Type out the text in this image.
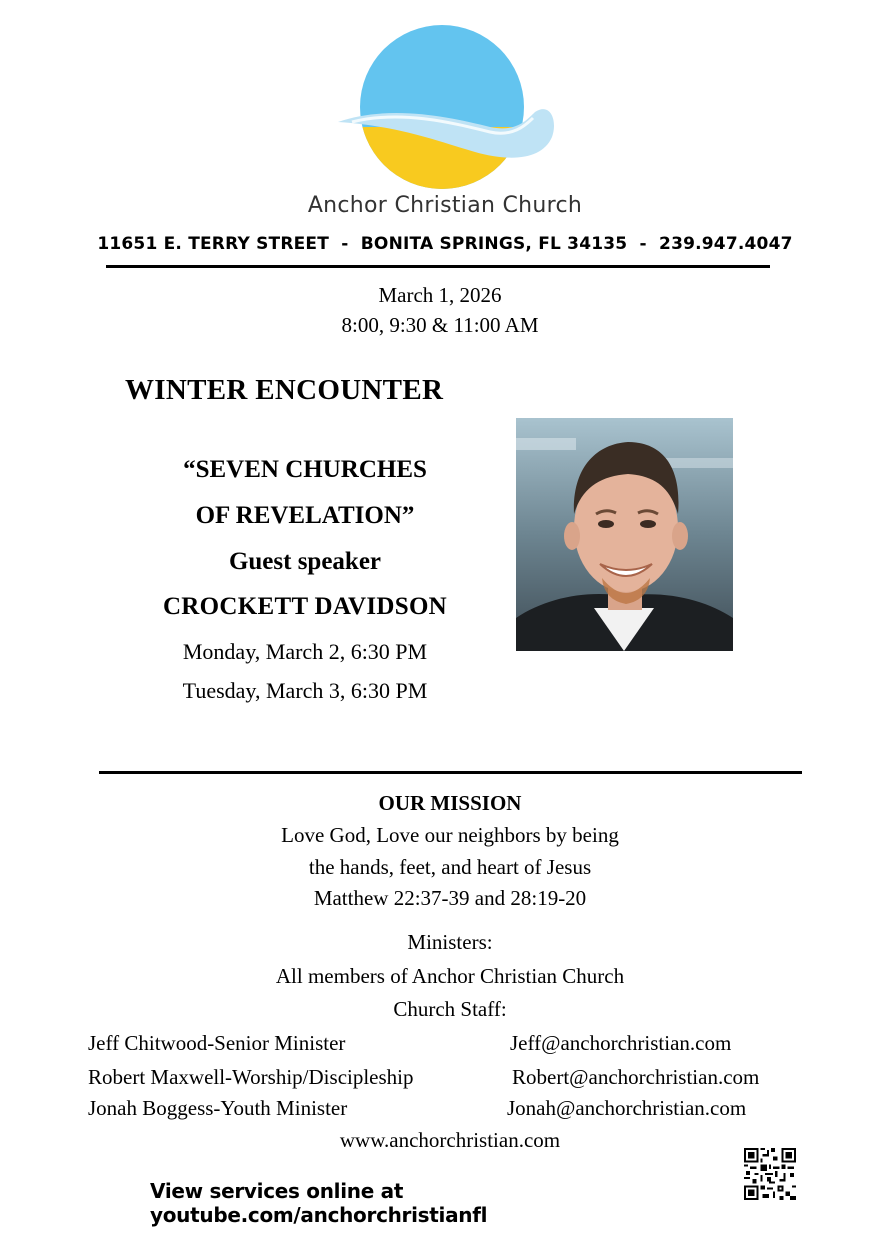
Anchor Christian Church
11651 E. TERRY STREET  -  BONITA SPRINGS, FL 34135  -  239.947.4047
March 1, 2026
8:00, 9:30 & 11:00 AM
WINTER ENCOUNTER
“SEVEN CHURCHES
OF REVELATION”
Guest speaker
CROCKETT DAVIDSON
Monday, March 2, 6:30 PM
Tuesday, March 3, 6:30 PM
OUR MISSION
Love God, Love our neighbors by being
the hands, feet, and heart of Jesus
Matthew 22:37-39 and 28:19-20
Ministers:
All members of Anchor Christian Church
Church Staff:
Jeff Chitwood-Senior Minister	Jeff@anchorchristian.com
Robert Maxwell-Worship/Discipleship	Robert@anchorchristian.com
Jonah Boggess-Youth Minister	Jonah@anchorchristian.com
www.anchorchristian.com
View services online at youtube.com/anchorchristianfl
